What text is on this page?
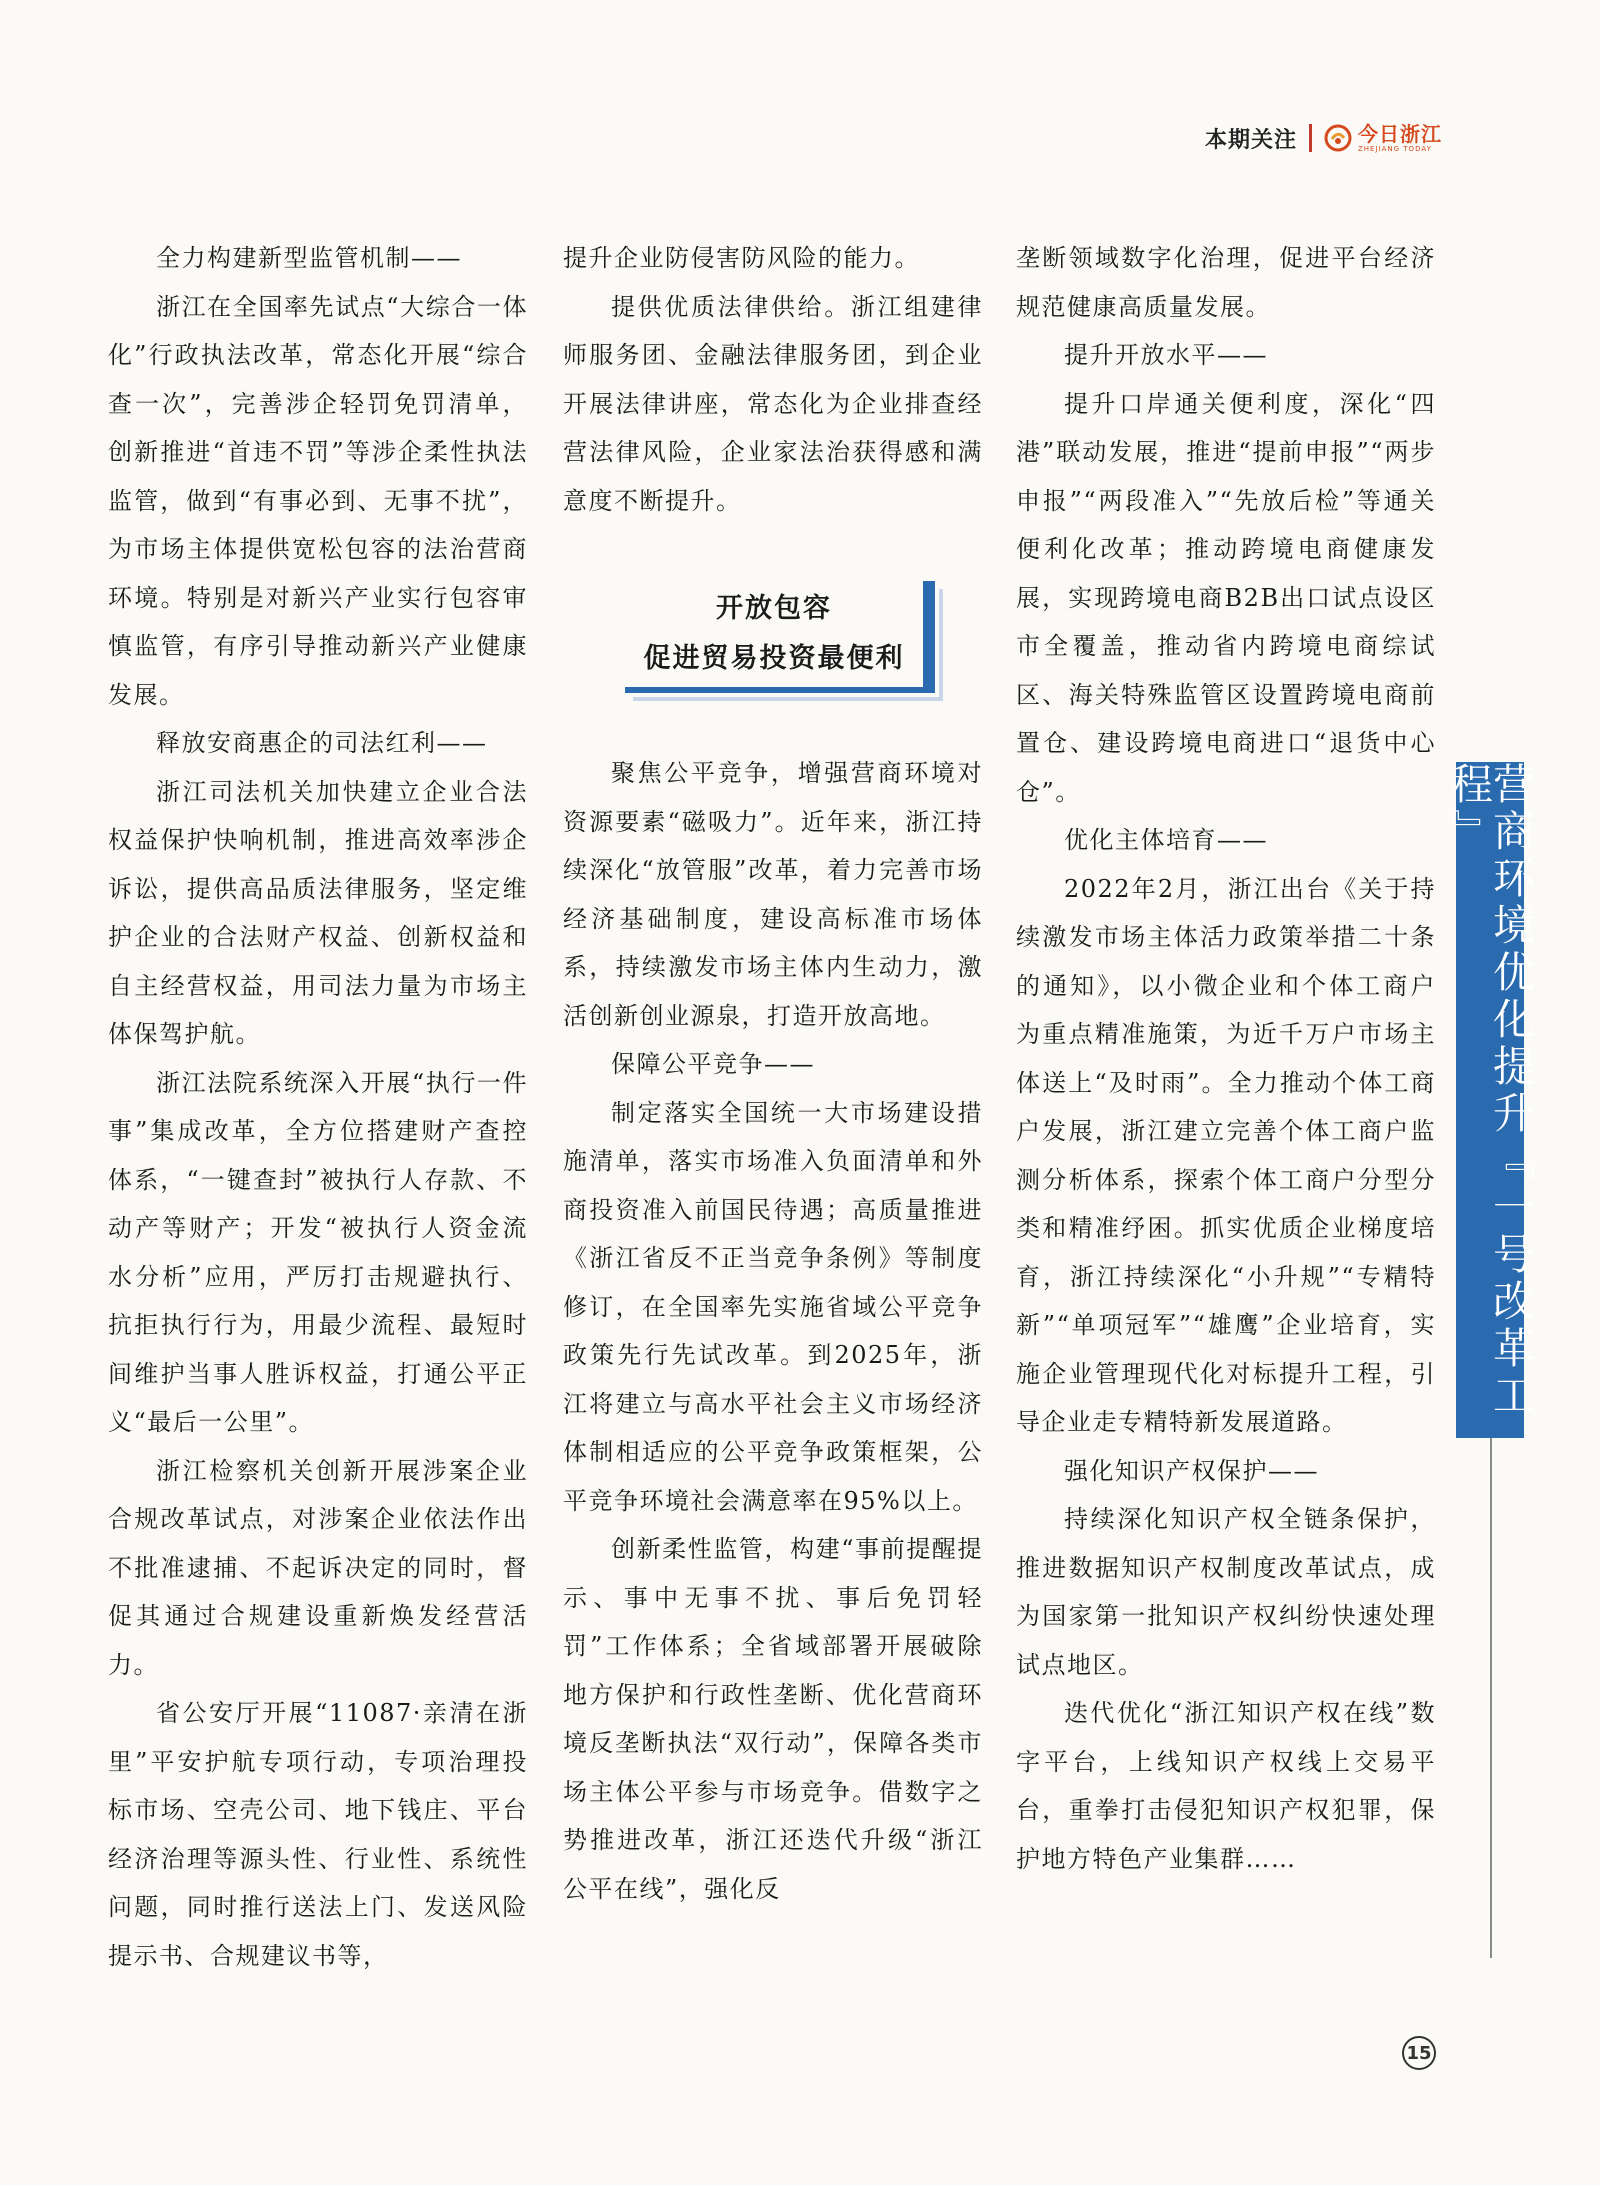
本期关注	今日浙江
ZHEJIANG TODAY

全力构建新型监管机制——

浙江在全国率先试点“大综合一体化”行政执法改革，常态化开展“综合查一次”，完善涉企轻罚免罚清单，创新推进“首违不罚”等涉企柔性执法监管，做到“有事必到、无事不扰”，为市场主体提供宽松包容的法治营商环境。特别是对新兴产业实行包容审慎监管，有序引导推动新兴产业健康发展。

释放安商惠企的司法红利——

浙江司法机关加快建立企业合法权益保护快响机制，推进高效率涉企诉讼，提供高品质法律服务，坚定维护企业的合法财产权益、创新权益和自主经营权益，用司法力量为市场主体保驾护航。

浙江法院系统深入开展“执行一件事”集成改革，全方位搭建财产查控体系，“一键查封”被执行人存款、不动产等财产；开发“被执行人资金流水分析”应用，严厉打击规避执行、抗拒执行行为，用最少流程、最短时间维护当事人胜诉权益，打通公平正义“最后一公里”。

浙江检察机关创新开展涉案企业合规改革试点，对涉案企业依法作出不批准逮捕、不起诉决定的同时，督促其通过合规建设重新焕发经营活力。

省公安厅开展“11087·亲清在浙里”平安护航专项行动，专项治理投标市场、空壳公司、地下钱庄、平台经济治理等源头性、行业性、系统性问题，同时推行送法上门、发送风险提示书、合规建议书等，

提升企业防侵害防风险的能力。

提供优质法律供给。浙江组建律师服务团、金融法律服务团，到企业开展法律讲座，常态化为企业排查经营法律风险，企业家法治获得感和满意度不断提升。

开放包容
促进贸易投资最便利

聚焦公平竞争，增强营商环境对资源要素“磁吸力”。近年来，浙江持续深化“放管服”改革，着力完善市场经济基础制度，建设高标准市场体系，持续激发市场主体内生动力，激活创新创业源泉，打造开放高地。

保障公平竞争——

制定落实全国统一大市场建设措施清单，落实市场准入负面清单和外商投资准入前国民待遇；高质量推进《浙江省反不正当竞争条例》等制度修订，在全国率先实施省域公平竞争政策先行先试改革。到2025年，浙江将建立与高水平社会主义市场经济体制相适应的公平竞争政策框架，公平竞争环境社会满意率在95%以上。

创新柔性监管，构建“事前提醒提示、事中无事不扰、事后免罚轻罚”工作体系；全省域部署开展破除地方保护和行政性垄断、优化营商环境反垄断执法“双行动”，保障各类市场主体公平参与市场竞争。借数字之势推进改革，浙江还迭代升级“浙江公平在线”，强化反

垄断领域数字化治理，促进平台经济规范健康高质量发展。

提升开放水平——

提升口岸通关便利度，深化“四港”联动发展，推进“提前申报”“两步申报”“两段准入”“先放后检”等通关便利化改革；推动跨境电商健康发展，实现跨境电商B2B出口试点设区市全覆盖，推动省内跨境电商综试区、海关特殊监管区设置跨境电商前置仓、建设跨境电商进口“退货中心仓”。

优化主体培育——

2022年2月，浙江出台《关于持续激发市场主体活力政策举措二十条的通知》，以小微企业和个体工商户为重点精准施策，为近千万户市场主体送上“及时雨”。全力推动个体工商户发展，浙江建立完善个体工商户监测分析体系，探索个体工商户分型分类和精准纾困。抓实优质企业梯度培育，浙江持续深化“小升规”“专精特新”“单项冠军”“雄鹰”企业培育，实施企业管理现代化对标提升工程，引导企业走专精特新发展道路。

强化知识产权保护——

持续深化知识产权全链条保护，推进数据知识产权制度改革试点，成为国家第一批知识产权纠纷快速处理试点地区。

迭代优化“浙江知识产权在线”数字平台，上线知识产权线上交易平台，重拳打击侵犯知识产权犯罪，保护地方特色产业集群……

营商环境优化提升『一号改革工程』
15
